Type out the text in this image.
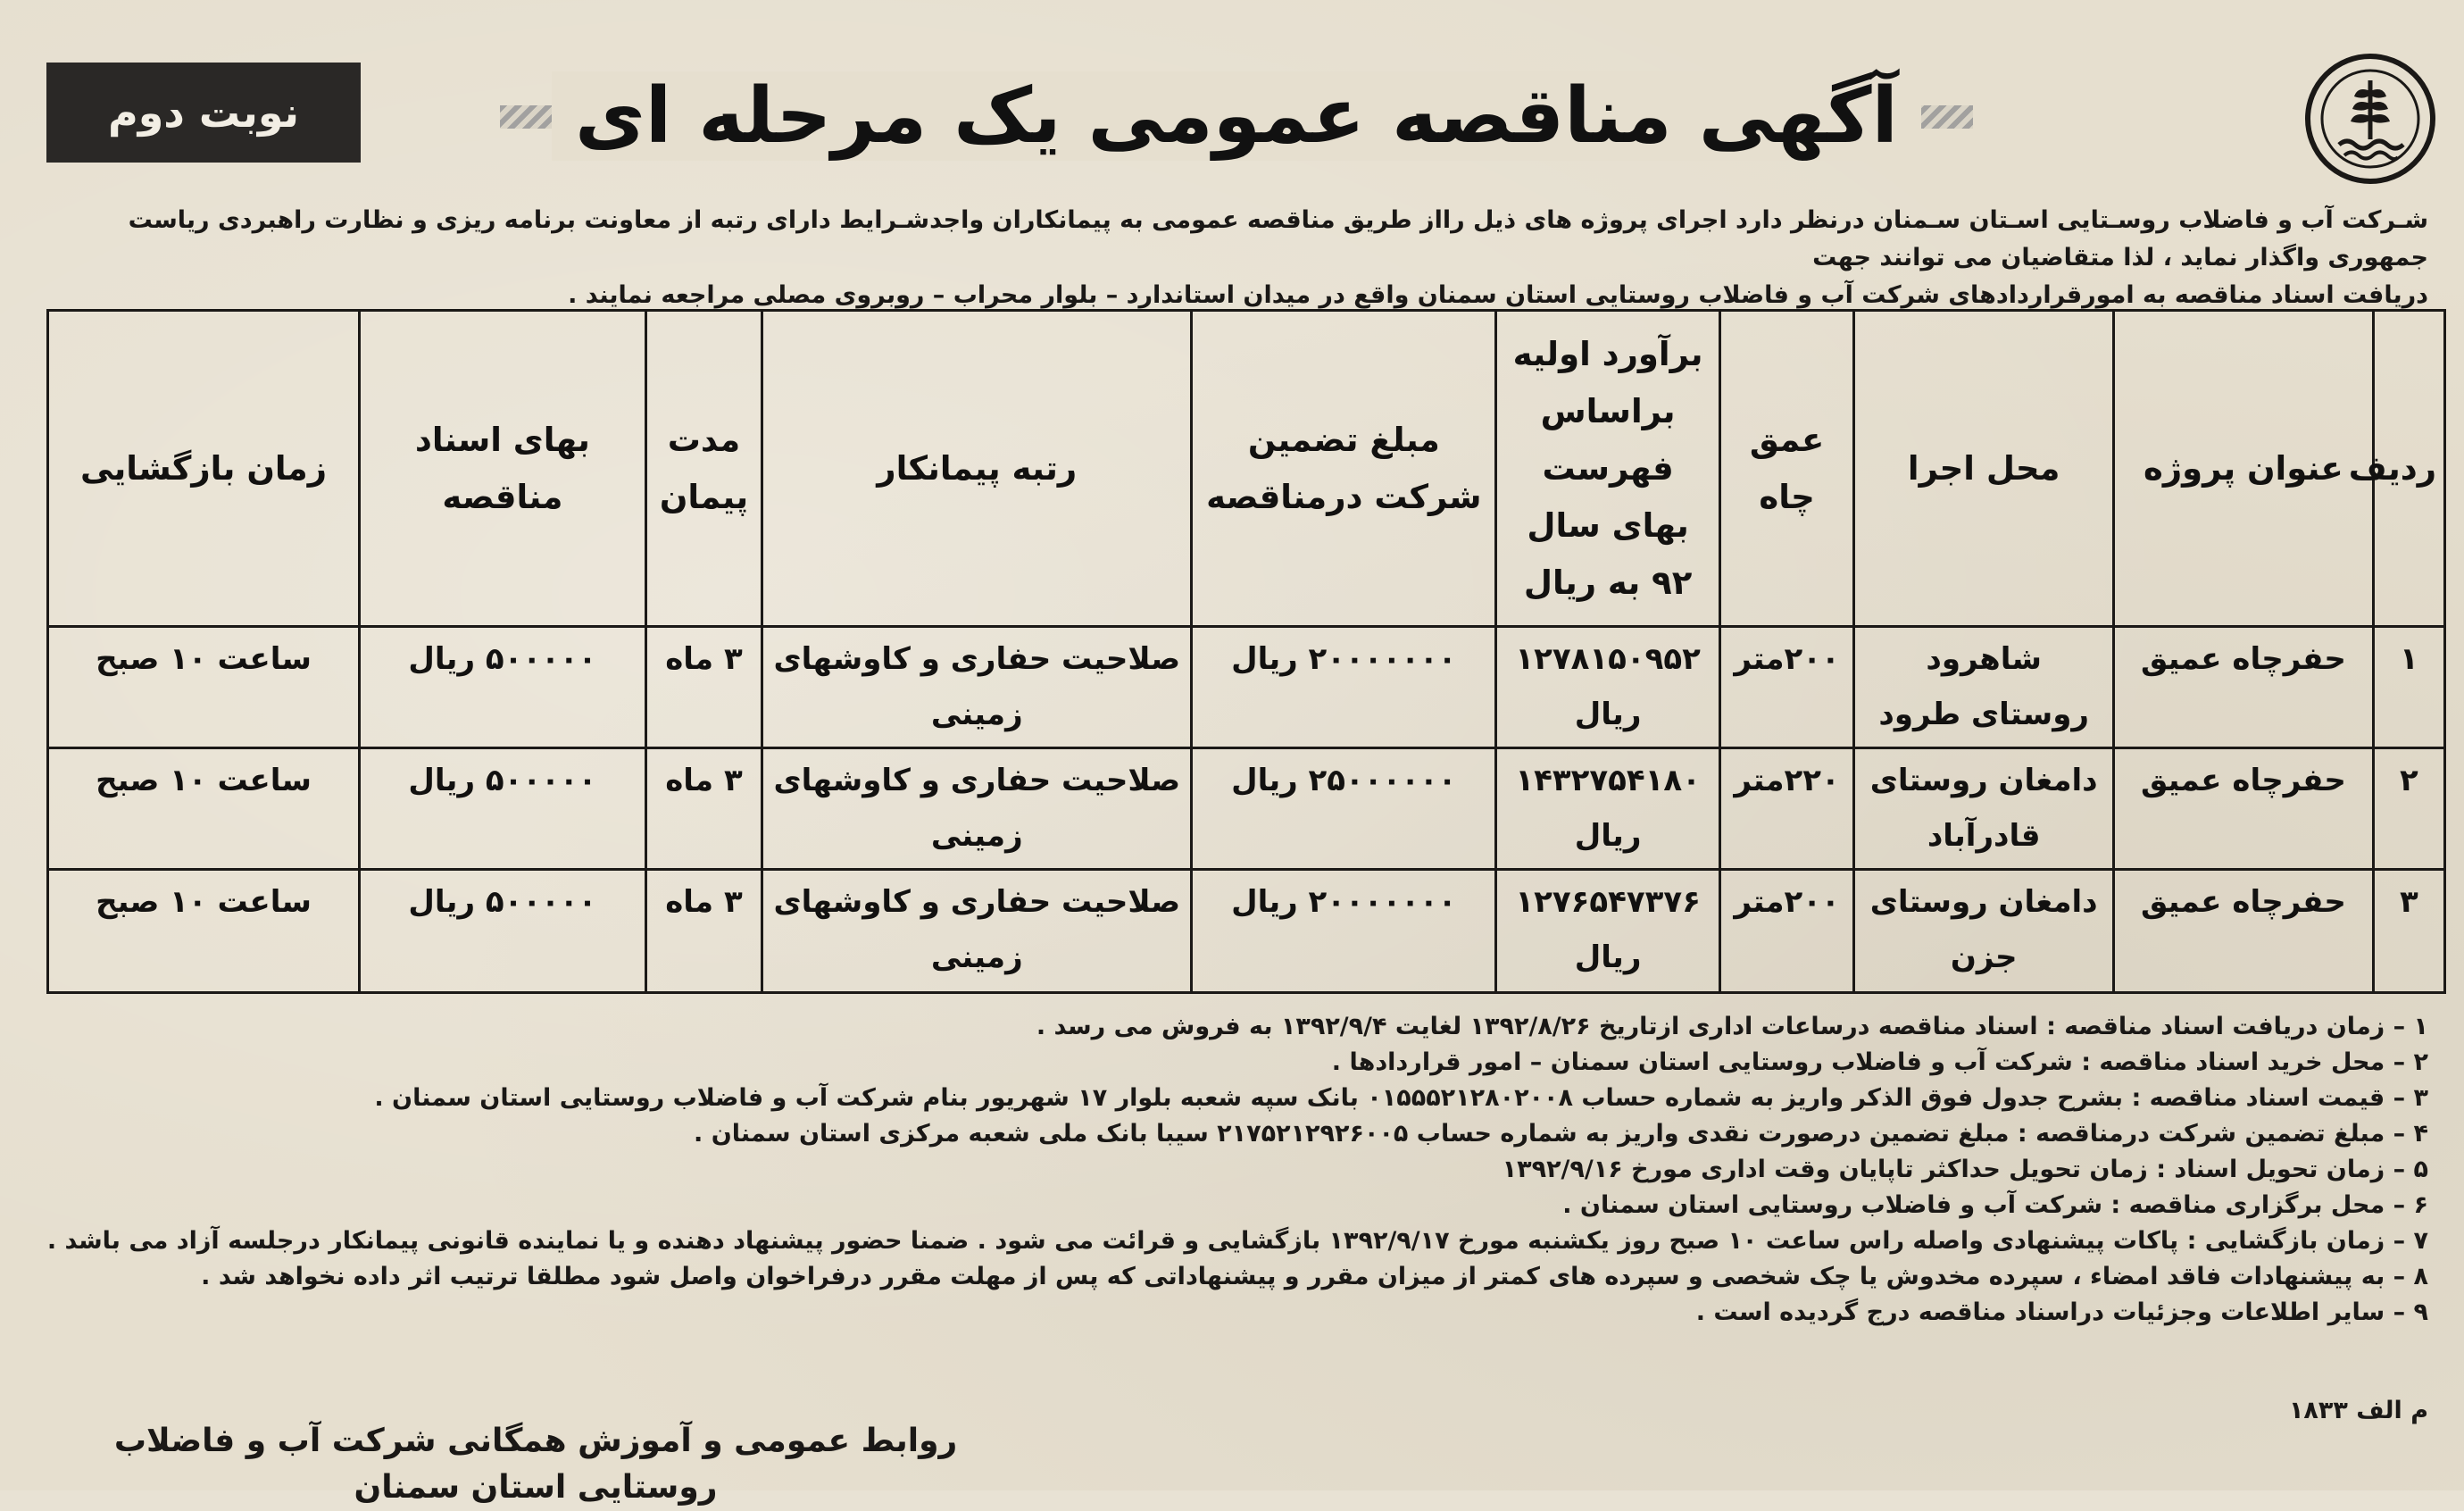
آگهی مناقصه عمومی یک مرحله ای
نوبت دوم
شـرکت آب و فاضلاب روسـتایی اسـتان سـمنان درنظر دارد اجرای پروژه های ذیل رااز طریق مناقصه عمومی به پیمانکاران واجدشـرایط دارای رتبه از معاونت برنامه ریزی و نظارت راهبردی ریاست جمهوری واگذار نماید ، لذا متقاضیان می توانند جهت
دریافت اسناد مناقصه به امورقراردادهای شرکت آب و فاضلاب روستایی استان سمنان واقع در میدان استاندارد – بلوار محراب – روبروی مصلی مراجعه نمایند .
ردیف	عنوان پروژه	محل اجرا	عمق چاه	برآورد اولیه براساس فهرست بهای سال ۹۲ به ریال	مبلغ تضمین شرکت درمناقصه	رتبه پیمانکار	مدت پیمان	بهای اسناد مناقصه	زمان بازگشایی
۱	حفرچاه عمیق	شاهرود روستای طرود	۲۰۰متر	۱۲۷۸۱۵۰۹۵۲ ریال	۲۰۰۰۰۰۰۰ ریال	صلاحیت حفاری و کاوشهای زمینی	۳ ماه	۵۰۰۰۰۰ ریال	ساعت ۱۰ صبح
۲	حفرچاه عمیق	دامغان روستای قادرآباد	۲۲۰متر	۱۴۳۲۷۵۴۱۸۰ ریال	۲۵۰۰۰۰۰۰ ریال	صلاحیت حفاری و کاوشهای زمینی	۳ ماه	۵۰۰۰۰۰ ریال	ساعت ۱۰ صبح
۳	حفرچاه عمیق	دامغان روستای جزن	۲۰۰متر	۱۲۷۶۵۴۷۳۷۶ ریال	۲۰۰۰۰۰۰۰ ریال	صلاحیت حفاری و کاوشهای زمینی	۳ ماه	۵۰۰۰۰۰ ریال	ساعت ۱۰ صبح
۱ – زمان دریافت اسناد مناقصه : اسناد مناقصه درساعات اداری ازتاریخ ۱۳۹۲/۸/۲۶ لغایت ۱۳۹۲/۹/۴ به فروش می رسد .
۲ – محل خرید اسناد مناقصه : شرکت آب و فاضلاب روستایی استان سمنان – امور قراردادها .
۳ – قیمت اسناد مناقصه : بشرح جدول فوق الذکر واریز به شماره حساب ۰۱۵۵۵۲۱۲۸۰۲۰۰۸ بانک سپه شعبه بلوار ۱۷ شهریور بنام شرکت آب و فاضلاب روستایی استان سمنان .
۴ – مبلغ تضمین شرکت درمناقصه : مبلغ تضمین درصورت نقدی واریز به شماره حساب ۲۱۷۵۲۱۲۹۲۶۰۰۵ سیبا بانک ملی شعبه مرکزی استان سمنان .
۵ – زمان تحویل اسناد : زمان تحویل حداکثر تاپایان وقت اداری مورخ ۱۳۹۲/۹/۱۶
۶ – محل برگزاری مناقصه : شرکت آب و فاضلاب روستایی استان سمنان .
۷ – زمان بازگشایی : پاکات پیشنهادی واصله راس ساعت ۱۰ صبح روز یکشنبه مورخ ۱۳۹۲/۹/۱۷ بازگشایی و قرائت می شود . ضمنا حضور پیشنهاد دهنده و یا نماینده قانونی پیمانکار درجلسه آزاد می باشد .
۸ – به پیشنهادات فاقد امضاء ، سپرده مخدوش یا چک شخصی و سپرده های کمتر از میزان مقرر و پیشنهاداتی که پس از مهلت مقرر درفراخوان واصل شود مطلقا ترتیب اثر داده نخواهد شد .
۹ – سایر اطلاعات وجزئیات دراسناد مناقصه درج گردیده است .
م الف ۱۸۳۳
روابط عمومی و آموزش همگانی شرکت آب و فاضلاب روستایی استان سمنان
